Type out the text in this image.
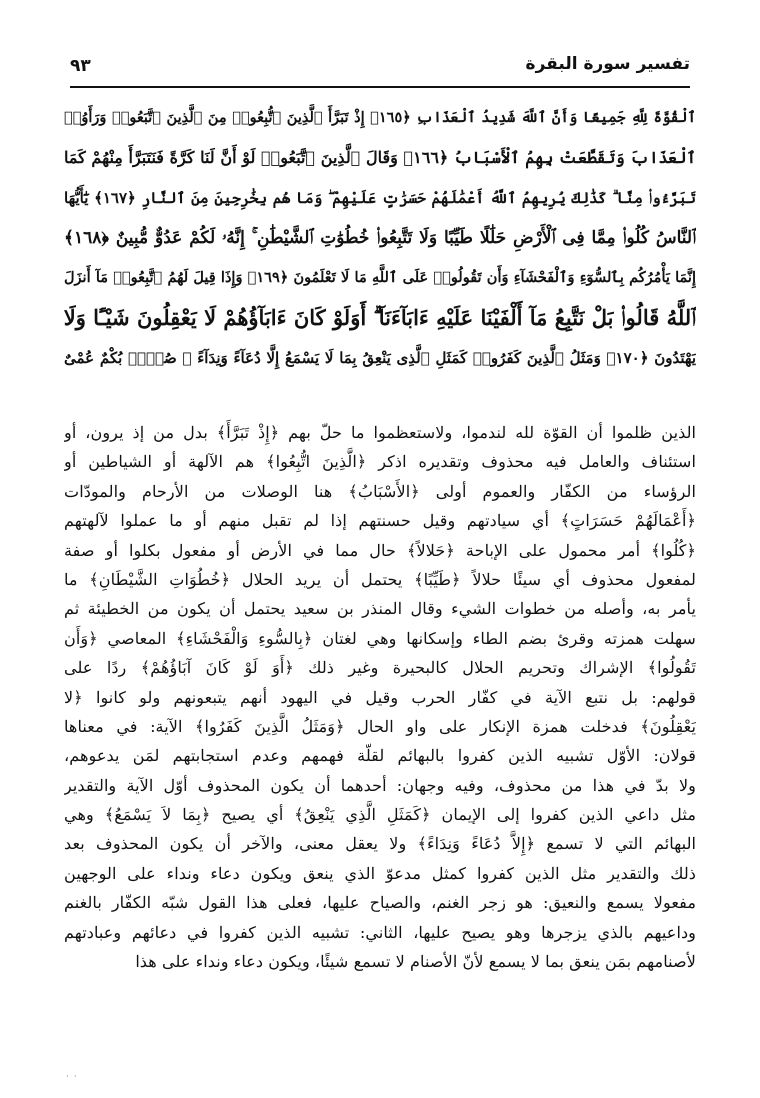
٩٣	تفسير سورة البقرة
ٱلْقُوَّةَ لِلَّهِ جَمِيعًا وَأَنَّ ٱللَّهَ شَدِيدُ ٱلْعَذَابِ ﴿١٦٥﴾ إِذْ تَبَرَّأَ ٱلَّذِينَ ٱتُّبِعُوا۟ مِنَ ٱلَّذِينَ ٱتَّبَعُوا۟ وَرَأَوُا۟
ٱلْعَذَابَ وَتَقَطَّعَتْ بِهِمُ ٱلْأَسْبَابُ ﴿١٦٦﴾ وَقَالَ ٱلَّذِينَ ٱتَّبَعُوا۟ لَوْ أَنَّ لَنَا كَرَّةً فَنَتَبَرَّأَ مِنْهُمْ كَمَا
تَبَرَّءُوا۟ مِنَّا ۗ كَذَٰلِكَ يُرِيهِمُ ٱللَّهُ أَعْمَٰلَهُمْ حَسَرَٰتٍ عَلَيْهِمْ ۖ وَمَا هُم بِخَٰرِجِينَ مِنَ ٱلنَّارِ ﴿١٦٧﴾ يَٰٓأَيُّهَا
ٱلنَّاسُ كُلُوا۟ مِمَّا فِى ٱلْأَرْضِ حَلَٰلًا طَيِّبًا وَلَا تَتَّبِعُوا۟ خُطُوَٰتِ ٱلشَّيْطَٰنِ ۚ إِنَّهُۥ لَكُمْ عَدُوٌّ مُّبِينٌ ﴿١٦٨﴾
إِنَّمَا يَأْمُرُكُم بِٱلسُّوٓءِ وَٱلْفَحْشَآءِ وَأَن تَقُولُوا۟ عَلَى ٱللَّهِ مَا لَا تَعْلَمُونَ ﴿١٦٩﴾ وَإِذَا قِيلَ لَهُمُ ٱتَّبِعُوا۟ مَآ أَنزَلَ
ٱللَّهُ قَالُوا۟ بَلْ نَتَّبِعُ مَآ أَلْفَيْنَا عَلَيْهِ ءَابَآءَنَآ ۗ أَوَلَوْ كَانَ ءَابَآؤُهُمْ لَا يَعْقِلُونَ شَيْـًٔا وَلَا
يَهْتَدُونَ ﴿١٧٠﴾ وَمَثَلُ ٱلَّذِينَ كَفَرُوا۟ كَمَثَلِ ٱلَّذِى يَنْعِقُ بِمَا لَا يَسْمَعُ إِلَّا دُعَآءً وَنِدَآءً ۚ صُمٌّۢ بُكْمٌ عُمْىٌ
الذين ظلموا أن القوّة لله لندموا، ولاستعظموا ما حلّ بهم ﴿إِذْ تَبَرَّأَ﴾ بدل من إذ يرون، أو
استئناف والعامل فيه محذوف وتقديره اذكر ﴿الَّذِينَ اتُّبِعُوا﴾ هم الآلهة أو الشياطين أو
الرؤساء من الكفّار والعموم أولى ﴿الأَسْبَابُ﴾ هنا الوصلات من الأرحام والمودّات
﴿أَعْمَالَهُمْ حَسَرَاتٍ﴾ أي سيادتهم وقيل حسنتهم إذا لم تقبل منهم أو ما عملوا لآلهتهم
﴿كُلُوا﴾ أمر محمول على الإباحة ﴿حَلالاً﴾ حال مما في الأرض أو مفعول بكلوا أو صفة
لمفعول محذوف أي سيئًا حلالاً ﴿طَيِّبًا﴾ يحتمل أن يريد الحلال ﴿خُطُوَاتِ الشَّيْطَانِ﴾ ما
يأمر به، وأصله من خطوات الشيء وقال المنذر بن سعيد يحتمل أن يكون من الخطيئة ثم
سهلت همزته وقرئ بضم الطاء وإسكانها وهي لغتان ﴿بِالسُّوءِ وَالْفَحْشَاءِ﴾ المعاصي ﴿وَأَن
تَقُولُوا﴾ الإشراك وتحريم الحلال كالبحيرة وغير ذلك ﴿أَوَ لَوْ كَانَ آبَاؤُهُمْ﴾ ردًا على
قولهم: بل نتبع الآية في كفّار الحرب وقيل في اليهود أنهم يتبعونهم ولو كانوا ﴿لا
يَعْقِلُونَ﴾ فدخلت همزة الإنكار على واو الحال ﴿وَمَثَلُ الَّذِينَ كَفَرُوا﴾ الآية: في معناها
قولان: الأوّل تشبيه الذين كفروا بالبهائم لقلّة فهمهم وعدم استجابتهم لمَن يدعوهم،
ولا بدّ في هذا من محذوف، وفيه وجهان: أحدهما أن يكون المحذوف أوّل الآية والتقدير
مثل داعي الذين كفروا إلى الإيمان ﴿كَمَثَلِ الَّذِي يَنْعِقُ﴾ أي يصيح ﴿بِمَا لاَ يَسْمَعُ﴾ وهي
البهائم التي لا تسمع ﴿إِلاَّ دُعَاءً وَنِدَاءً﴾ ولا يعقل معنى، والآخر أن يكون المحذوف بعد
ذلك والتقدير مثل الذين كفروا كمثل مدعوّ الذي ينعق ويكون دعاء ونداء على الوجهين
مفعولا يسمع والنعيق: هو زجر الغنم، والصياح عليها، فعلى هذا القول شبّه الكفّار بالغنم
وداعيهم بالذي يزجرها وهو يصيح عليها، الثاني: تشبيه الذين كفروا في دعائهم وعبادتهم
لأصنامهم بمَن ينعق بما لا يسمع لأنّ الأصنام لا تسمع شيئًا، ويكون دعاء ونداء على هذا
· ·
